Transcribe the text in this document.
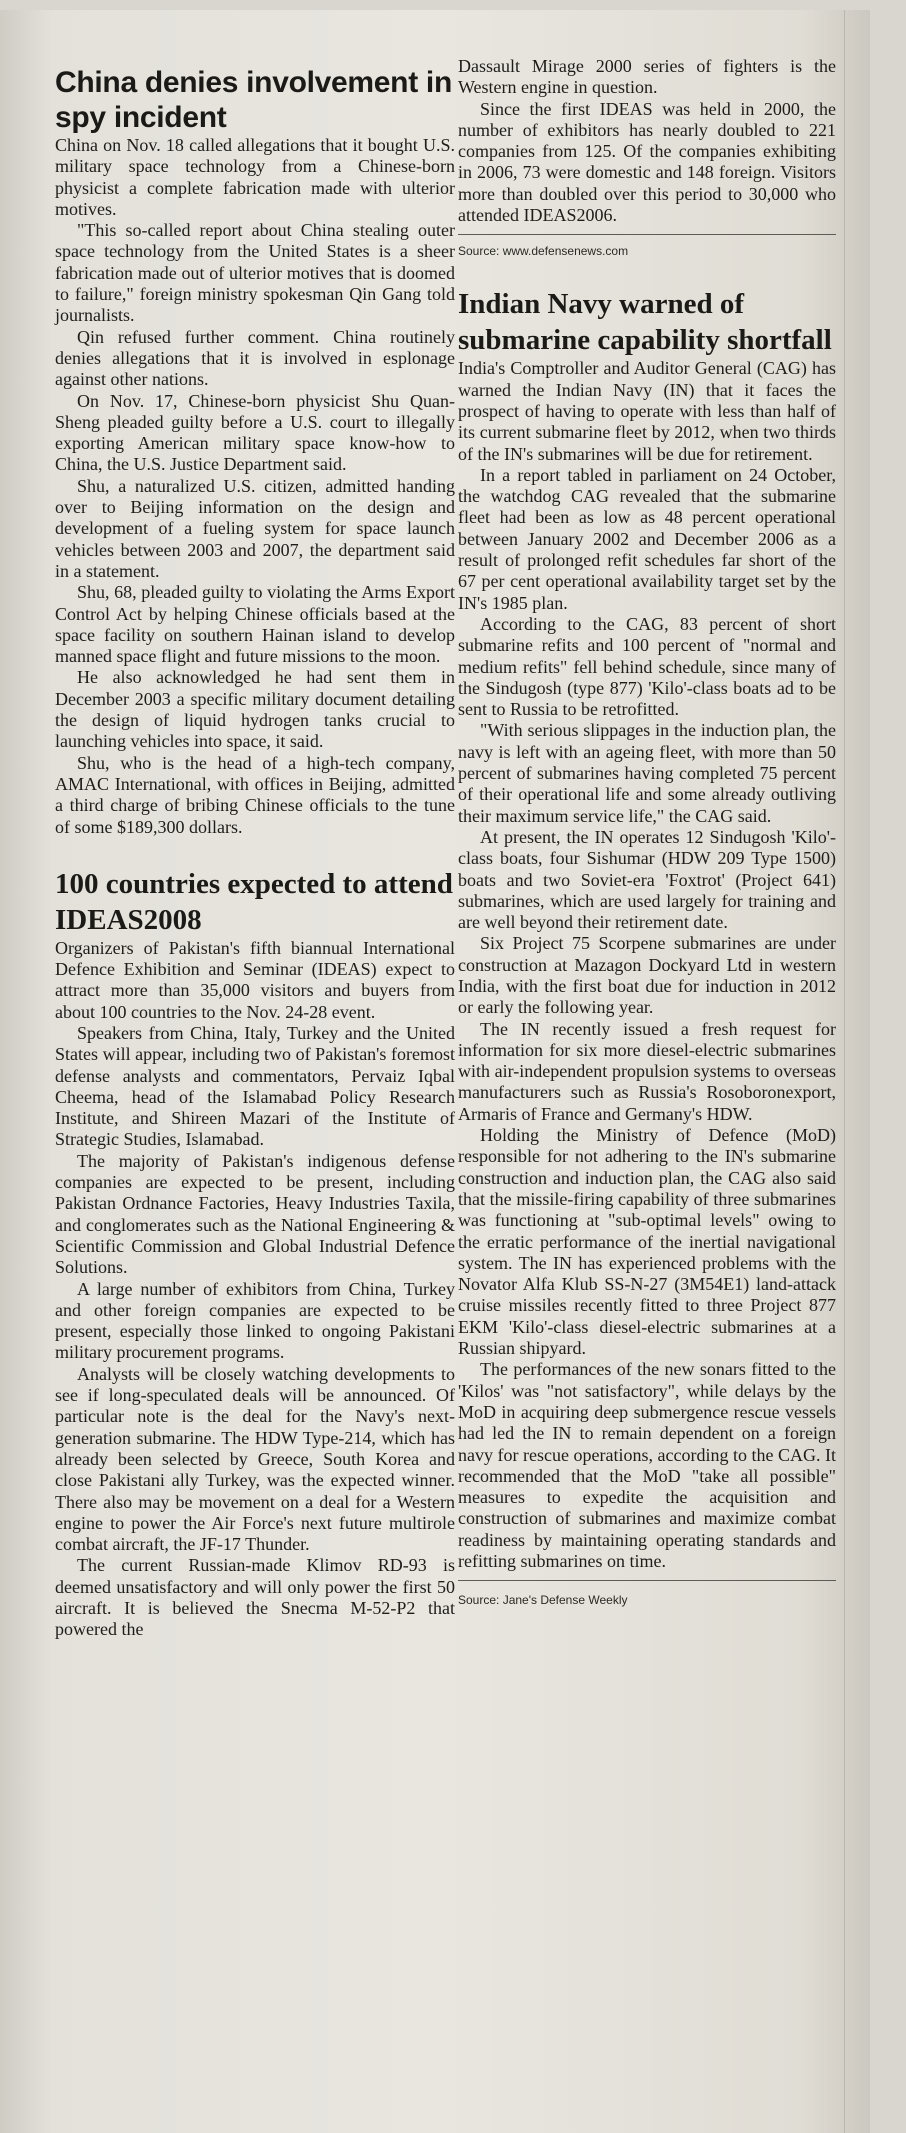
China denies involvement in spy incident

China on Nov. 18 called allegations that it bought U.S. military space technology from a Chinese-born physicist a complete fabrication made with ulterior motives.

"This so-called report about China stealing outer space technology from the United States is a sheer fabrication made out of ulterior motives that is doomed to failure," foreign ministry spokesman Qin Gang told journalists.

Qin refused further comment. China routinely denies allegations that it is involved in esplonage against other nations.

On Nov. 17, Chinese-born physicist Shu Quan-Sheng pleaded guilty before a U.S. court to illegally exporting American military space know-how to China, the U.S. Justice Department said.

Shu, a naturalized U.S. citizen, admitted handing over to Beijing information on the design and development of a fueling system for space launch vehicles between 2003 and 2007, the department said in a statement.

Shu, 68, pleaded guilty to violating the Arms Export Control Act by helping Chinese officials based at the space facility on southern Hainan island to develop manned space flight and future missions to the moon.

He also acknowledged he had sent them in December 2003 a specific military document detailing the design of liquid hydrogen tanks crucial to launching vehicles into space, it said.

Shu, who is the head of a high-tech company, AMAC International, with offices in Beijing, admitted a third charge of bribing Chinese officials to the tune of some $189,300 dollars.

100 countries expected to attend IDEAS2008

Organizers of Pakistan's fifth biannual International Defence Exhibition and Seminar (IDEAS) expect to attract more than 35,000 visitors and buyers from about 100 countries to the Nov. 24-28 event.

Speakers from China, Italy, Turkey and the United States will appear, including two of Pakistan's foremost defense analysts and commentators, Pervaiz Iqbal Cheema, head of the Islamabad Policy Research Institute, and Shireen Mazari of the Institute of Strategic Studies, Islamabad.

The majority of Pakistan's indigenous defense companies are expected to be present, including Pakistan Ordnance Factories, Heavy Industries Taxila, and conglomerates such as the National Engineering & Scientific Commission and Global Industrial Defence Solutions.

A large number of exhibitors from China, Turkey and other foreign companies are expected to be present, especially those linked to ongoing Pakistani military procurement programs.

Analysts will be closely watching developments to see if long-speculated deals will be announced. Of particular note is the deal for the Navy's next-generation submarine. The HDW Type-214, which has already been selected by Greece, South Korea and close Pakistani ally Turkey, was the expected winner. There also may be movement on a deal for a Western engine to power the Air Force's next future multirole combat aircraft, the JF-17 Thunder.

The current Russian-made Klimov RD-93 is deemed unsatisfactory and will only power the first 50 aircraft. It is believed the Snecma M-52-P2 that powered the

Dassault Mirage 2000 series of fighters is the Western engine in question.

Since the first IDEAS was held in 2000, the number of exhibitors has nearly doubled to 221 companies from 125. Of the companies exhibiting in 2006, 73 were domestic and 148 foreign. Visitors more than doubled over this period to 30,000 who attended IDEAS2006.

Source: www.defensenews.com
Indian Navy warned of submarine capability shortfall

India's Comptroller and Auditor General (CAG) has warned the Indian Navy (IN) that it faces the prospect of having to operate with less than half of its current submarine fleet by 2012, when two thirds of the IN's submarines will be due for retirement.

In a report tabled in parliament on 24 October, the watchdog CAG revealed that the submarine fleet had been as low as 48 percent operational between January 2002 and December 2006 as a result of prolonged refit schedules far short of the 67 per cent operational availability target set by the IN's 1985 plan.

According to the CAG, 83 percent of short submarine refits and 100 percent of "normal and medium refits" fell behind schedule, since many of the Sindugosh (type 877) 'Kilo'-class boats ad to be sent to Russia to be retrofitted.

"With serious slippages in the induction plan, the navy is left with an ageing fleet, with more than 50 percent of submarines having completed 75 percent of their operational life and some already outliving their maximum service life," the CAG said.

At present, the IN operates 12 Sindugosh 'Kilo'-class boats, four Sishumar (HDW 209 Type 1500) boats and two Soviet-era 'Foxtrot' (Project 641) submarines, which are used largely for training and are well beyond their retirement date.

Six Project 75 Scorpene submarines are under construction at Mazagon Dockyard Ltd in western India, with the first boat due for induction in 2012 or early the following year.

The IN recently issued a fresh request for information for six more diesel-electric submarines with air-independent propulsion systems to overseas manufacturers such as Russia's Rosoboronexport, Armaris of France and Germany's HDW.

Holding the Ministry of Defence (MoD) responsible for not adhering to the IN's submarine construction and induction plan, the CAG also said that the missile-firing capability of three submarines was functioning at "sub-optimal levels" owing to the erratic performance of the inertial navigational system. The IN has experienced problems with the Novator Alfa Klub SS-N-27 (3M54E1) land-attack cruise missiles recently fitted to three Project 877 EKM 'Kilo'-class diesel-electric submarines at a Russian shipyard.

The performances of the new sonars fitted to the 'Kilos' was "not satisfactory", while delays by the MoD in acquiring deep submergence rescue vessels had led the IN to remain dependent on a foreign navy for rescue operations, according to the CAG. It recommended that the MoD "take all possible" measures to expedite the acquisition and construction of submarines and maximize combat readiness by maintaining operating standards and refitting submarines on time.

Source: Jane's Defense Weekly
